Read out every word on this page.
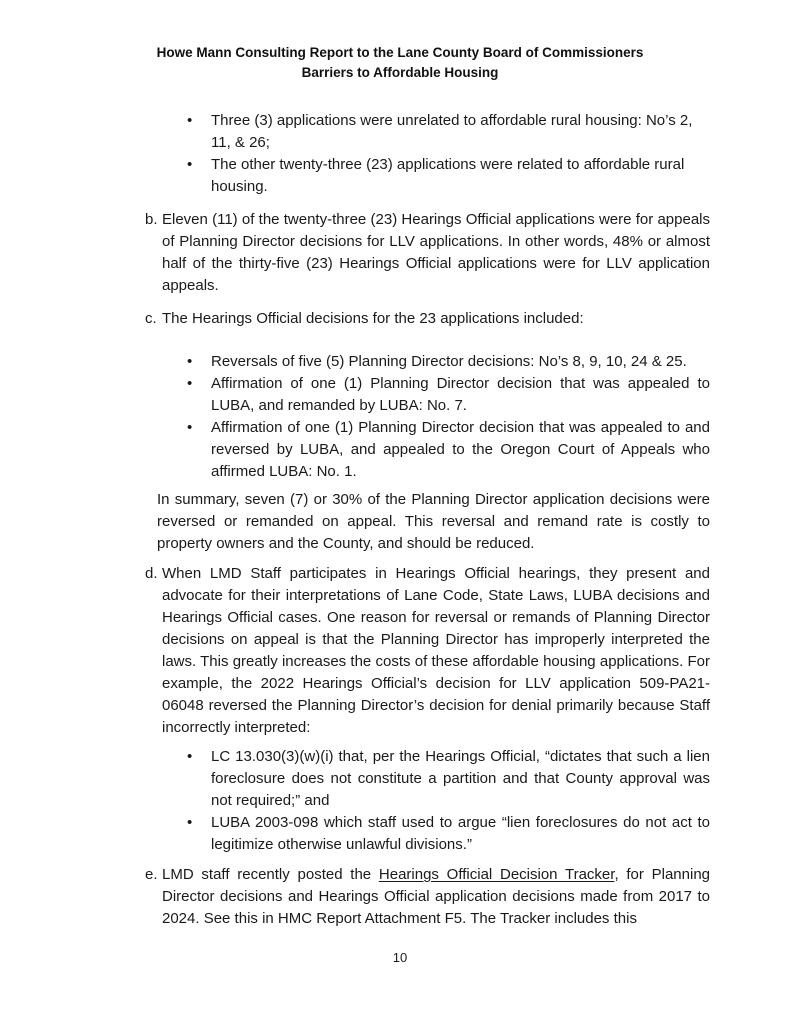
Howe Mann Consulting Report to the Lane County Board of Commissioners
Barriers to Affordable Housing
• Three (3) applications were unrelated to affordable rural housing: No’s 2, 11, & 26;
• The other twenty-three (23) applications were related to affordable rural housing.
b. Eleven (11) of the twenty-three (23) Hearings Official applications were for appeals of Planning Director decisions for LLV applications. In other words, 48% or almost half of the thirty-five (23) Hearings Official applications were for LLV application appeals.
c. The Hearings Official decisions for the 23 applications included:
• Reversals of five (5) Planning Director decisions: No’s 8, 9, 10, 24 & 25.
• Affirmation of one (1) Planning Director decision that was appealed to LUBA, and remanded by LUBA: No. 7.
• Affirmation of one (1) Planning Director decision that was appealed to and reversed by LUBA, and appealed to the Oregon Court of Appeals who affirmed LUBA: No. 1.
In summary, seven (7) or 30% of the Planning Director application decisions were reversed or remanded on appeal. This reversal and remand rate is costly to property owners and the County, and should be reduced.
d. When LMD Staff participates in Hearings Official hearings, they present and advocate for their interpretations of Lane Code, State Laws, LUBA decisions and Hearings Official cases. One reason for reversal or remands of Planning Director decisions on appeal is that the Planning Director has improperly interpreted the laws. This greatly increases the costs of these affordable housing applications. For example, the 2022 Hearings Official’s decision for LLV application 509-PA21-06048 reversed the Planning Director’s decision for denial primarily because Staff incorrectly interpreted:
• LC 13.030(3)(w)(i) that, per the Hearings Official, “dictates that such a lien foreclosure does not constitute a partition and that County approval was not required;” and
• LUBA 2003-098 which staff used to argue “lien foreclosures do not act to legitimize otherwise unlawful divisions.”
e. LMD staff recently posted the Hearings Official Decision Tracker, for Planning Director decisions and Hearings Official application decisions made from 2017 to 2024. See this in HMC Report Attachment F5. The Tracker includes this
10
